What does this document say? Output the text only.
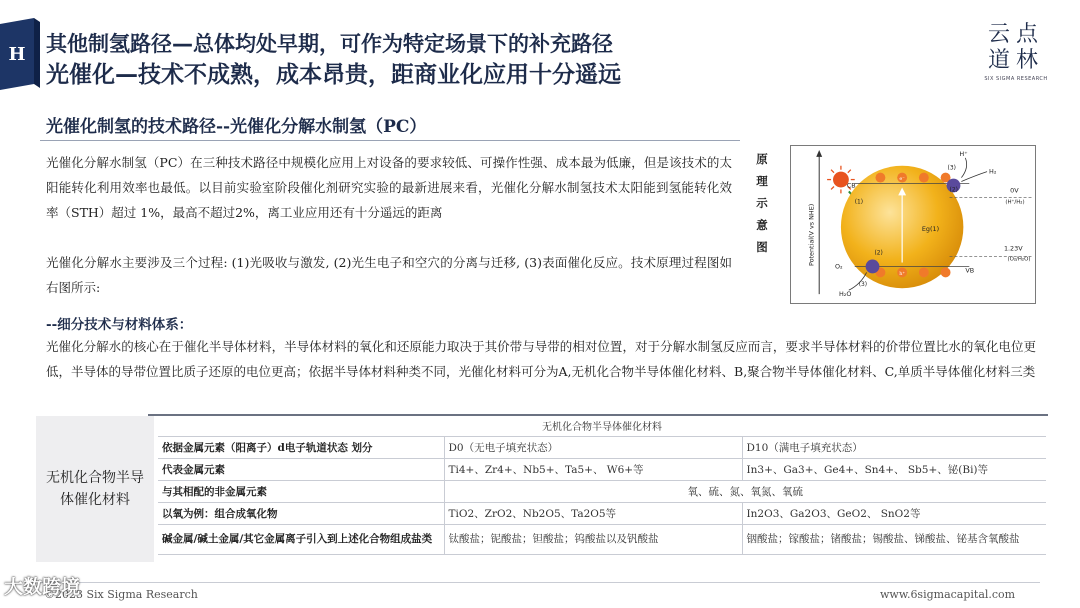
H 其他制氢路径—总体均处早期，可作为特定场景下的补充路径
光催化—技术不成熟，成本昂贵，距商业化应用十分遥远
云点
道林
SIX SIGMA RESEARCH
光催化制氢的技术路径--光催化分解水制氢（PC）

光催化分解水制氢（PC）在三种技术路径中规模化应用上对设备的要求较低、可操作性强、成本最为低廉，但是该技术的太阳能转化利用效率也最低。以目前实验室阶段催化剂研究实验的最新进展来看，光催化分解水制氢技术太阳能到氢能转化效率（STH）超过 1%，最高不超过2%，离工业应用还有十分遥远的距离

光催化分解水主要涉及三个过程: (1)光吸收与激发, (2)光生电子和空穴的分离与迁移, (3)表面催化反应。技术原理过程图如右图所示:

原
理
示
意
图	Potential(V vs NHE)
CB
VB
0V
(H⁺/H₂)
1.23V
(O₂/H₂O)
Eg(1)
e⁻
h⁺
(3)
(2)
(2)
(3)
(1)
H⁺
H₂
O₂
H₂O
--细分技术与材料体系：

光催化分解水的核心在于催化半导体材料，半导体材料的氧化和还原能力取决于其价带与导带的相对位置，对于分解水制氢反应而言，要求半导体材料的价带位置比水的氧化电位更低，半导体的导带位置比质子还原的电位更高；依据半导体材料种类不同，光催化材料可分为A,无机化合物半导体催化材料、B,聚合物半导体催化材料、C,单质半导体催化材料三类

无机化合物半导体催化材料
无机化合物半导体催化材料		
依据金属元素（阳离子）d电子轨道状态 划分	D0（无电子填充状态）	D10（满电子填充状态）
代表金属元素	Ti4+、Zr4+、Nb5+、Ta5+、 W6+等	In3+、Ga3+、Ge4+、Sn4+、 Sb5+、铋(Bi)等
与其相配的非金属元素	氧、硫、氮、氧氮、氧硫	
以氧为例：组合成氧化物	TiO2、ZrO2、Nb2O5、Ta2O5等	In2O3、Ga2O3、GeO2、 SnO2等
碱金属/碱土金属/其它金属离子引入到上述化合物组成盐类	钛酸盐；铌酸盐；钽酸盐；钨酸盐以及钒酸盐	铟酸盐；镓酸盐；锗酸盐；锡酸盐、锑酸盐、铋基含氧酸盐
©2023 Six Sigma Research	www.6sigmacapital.com
大数跨境
